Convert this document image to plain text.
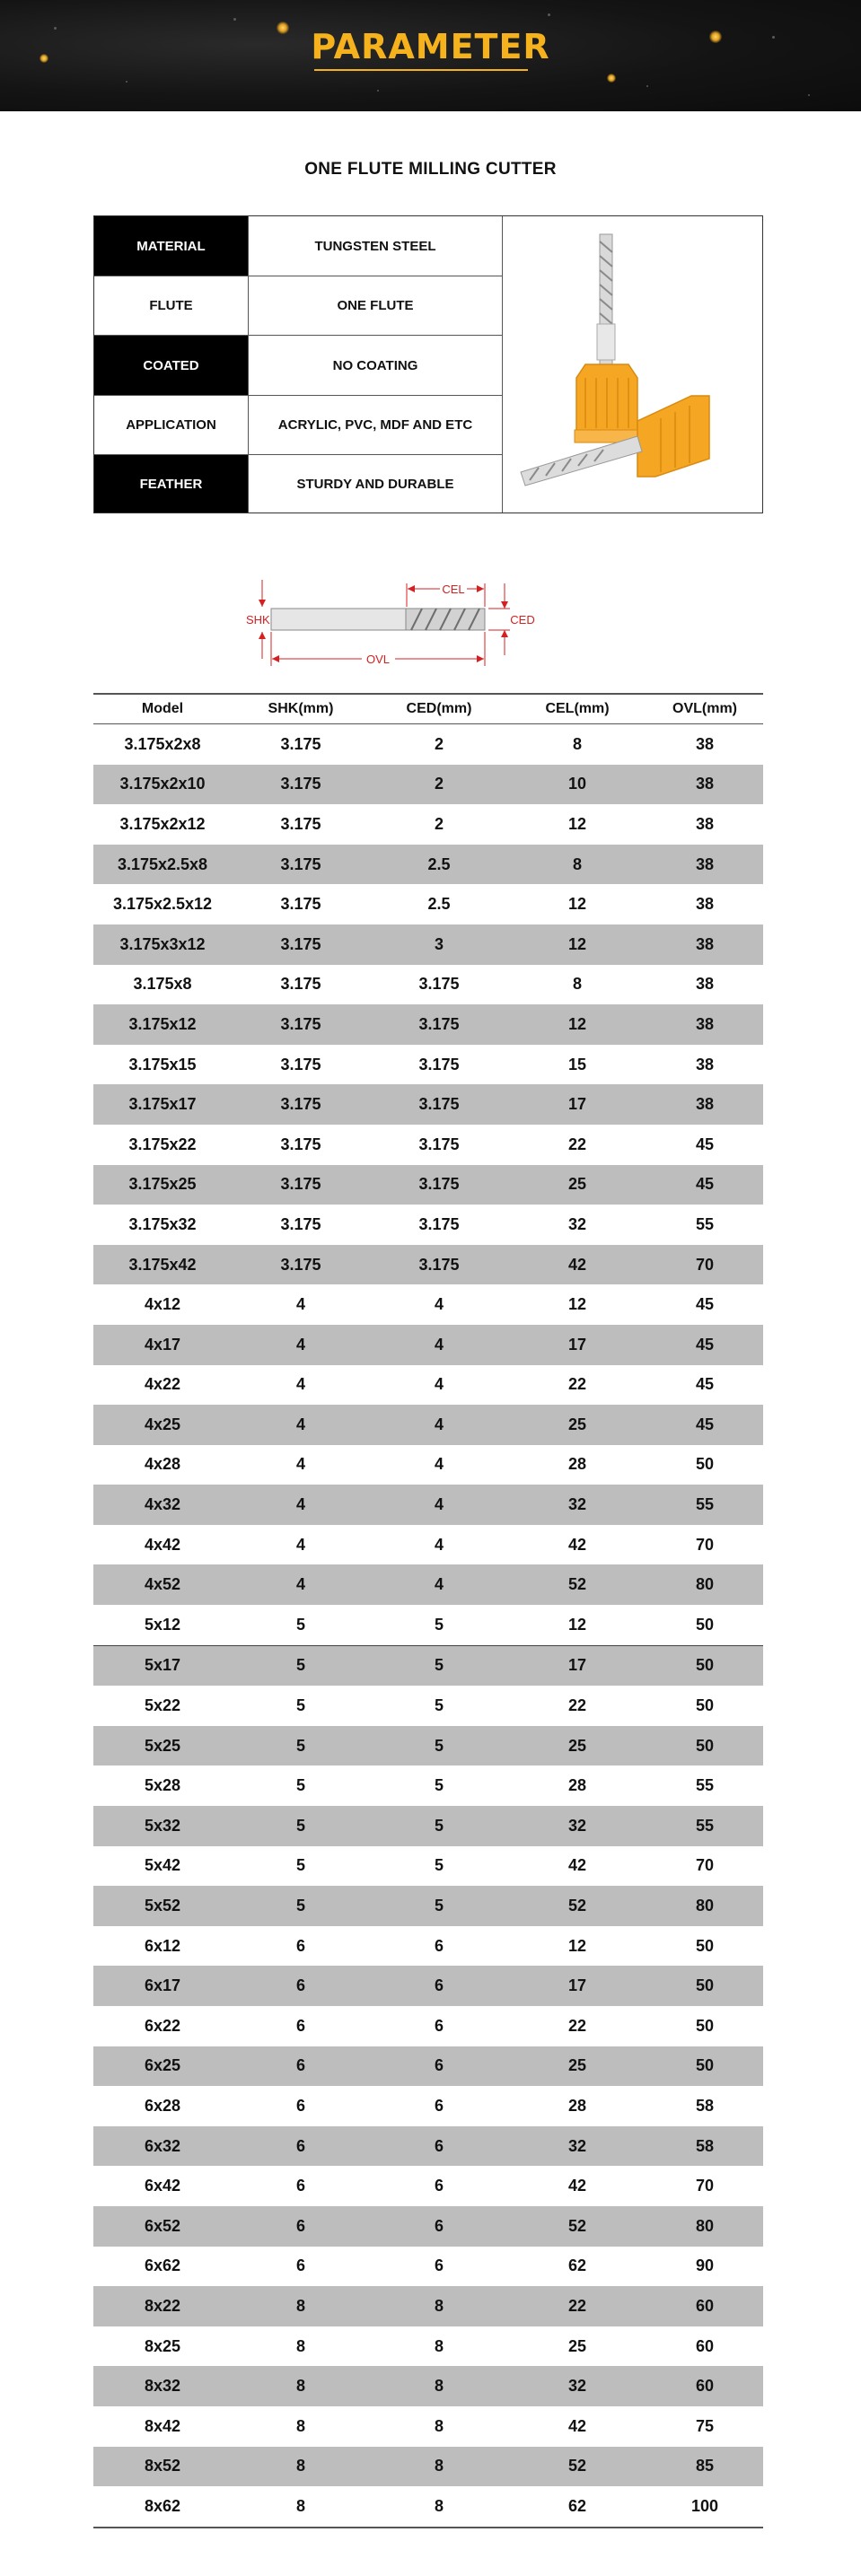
PARAMETER
ONE FLUTE MILLING CUTTER
MATERIAL	TUNGSTEN STEEL
FLUTE	ONE FLUTE
COATED	NO COATING
APPLICATION	ACRYLIC, PVC, MDF AND ETC
FEATHER	STURDY AND DURABLE
CEL
SHK	CED
OVL
Model	SHK(mm)	CED(mm)	CEL(mm)	OVL(mm)
3.175x2x8	3.175	2	8	38
3.175x2x10	3.175	2	10	38
3.175x2x12	3.175	2	12	38
3.175x2.5x8	3.175	2.5	8	38
3.175x2.5x12	3.175	2.5	12	38
3.175x3x12	3.175	3	12	38
3.175x8	3.175	3.175	8	38
3.175x12	3.175	3.175	12	38
3.175x15	3.175	3.175	15	38
3.175x17	3.175	3.175	17	38
3.175x22	3.175	3.175	22	45
3.175x25	3.175	3.175	25	45
3.175x32	3.175	3.175	32	55
3.175x42	3.175	3.175	42	70
4x12	4	4	12	45
4x17	4	4	17	45
4x22	4	4	22	45
4x25	4	4	25	45
4x28	4	4	28	50
4x32	4	4	32	55
4x42	4	4	42	70
4x52	4	4	52	80
5x12	5	5	12	50
5x17	5	5	17	50
5x22	5	5	22	50
5x25	5	5	25	50
5x28	5	5	28	55
5x32	5	5	32	55
5x42	5	5	42	70
5x52	5	5	52	80
6x12	6	6	12	50
6x17	6	6	17	50
6x22	6	6	22	50
6x25	6	6	25	50
6x28	6	6	28	58
6x32	6	6	32	58
6x42	6	6	42	70
6x52	6	6	52	80
6x62	6	6	62	90
8x22	8	8	22	60
8x25	8	8	25	60
8x32	8	8	32	60
8x42	8	8	42	75
8x52	8	8	52	85
8x62	8	8	62	100
